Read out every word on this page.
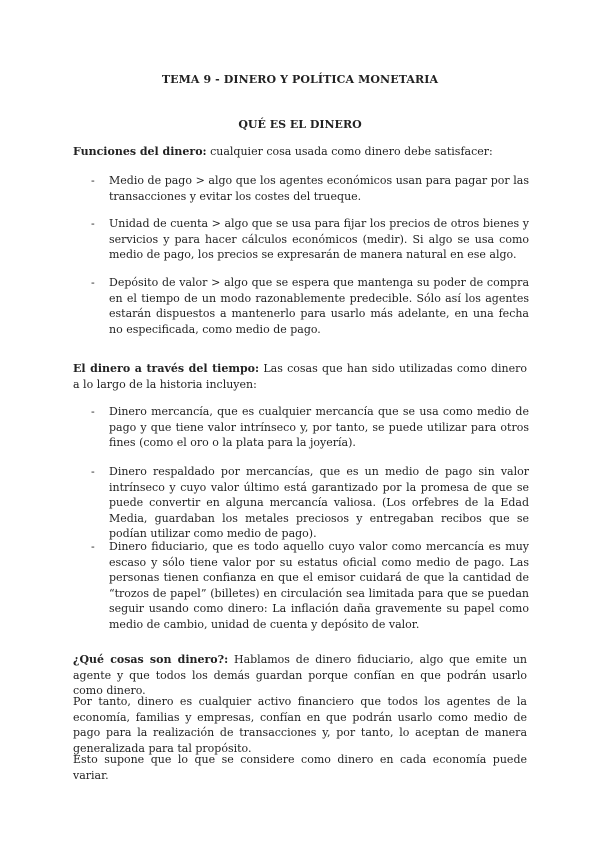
TEMA 9 - DINERO Y POLÍTICA MONETARIA
QUÉ ES EL DINERO

Funciones del dinero: cualquier cosa usada como dinero debe satisfacer:

-	Medio de pago > algo que los agentes económicos usan para pagar por las transacciones y evitar los costes del trueque.
-	Unidad de cuenta > algo que se usa para fijar los precios de otros bienes y servicios y para hacer cálculos económicos (medir). Si algo se usa como medio de pago, los precios se expresarán de manera natural en ese algo.
-	Depósito de valor > algo que se espera que mantenga su poder de compra en el tiempo de un modo razonablemente predecible. Sólo así los agentes estarán dispuestos a mantenerlo para usarlo más adelante, en una fecha no especificada, como medio de pago.

El dinero a través del tiempo: Las cosas que han sido utilizadas como dinero a lo largo de la historia incluyen:

-	Dinero mercancía, que es cualquier mercancía que se usa como medio de pago y que tiene valor intrínseco y, por tanto, se puede utilizar para otros fines (como el oro o la plata para la joyería).
-	Dinero respaldado por mercancías, que es un medio de pago sin valor intrínseco y cuyo valor último está garantizado por la promesa de que se puede convertir en alguna mercancía valiosa. (Los orfebres de la Edad Media, guardaban los metales preciosos y entregaban recibos que se podían utilizar como medio de pago).
-	Dinero fiduciario, que es todo aquello cuyo valor como mercancía es muy escaso y sólo tiene valor por su estatus oficial como medio de pago. Las personas tienen confianza en que el emisor cuidará de que la cantidad de “trozos de papel” (billetes) en circulación sea limitada para que se puedan seguir usando como dinero: La inflación daña gravemente su papel como medio de cambio, unidad de cuenta y depósito de valor.

¿Qué cosas son dinero?: Hablamos de dinero fiduciario, algo que emite un agente y que todos los demás guardan porque confían en que podrán usarlo como dinero.

Por tanto, dinero es cualquier activo financiero que todos los agentes de la economía, familias y empresas, confían en que podrán usarlo como medio de pago para la realización de transacciones y, por tanto, lo aceptan de manera generalizada para tal propósito.

Esto supone que lo que se considere como dinero en cada economía puede variar.
